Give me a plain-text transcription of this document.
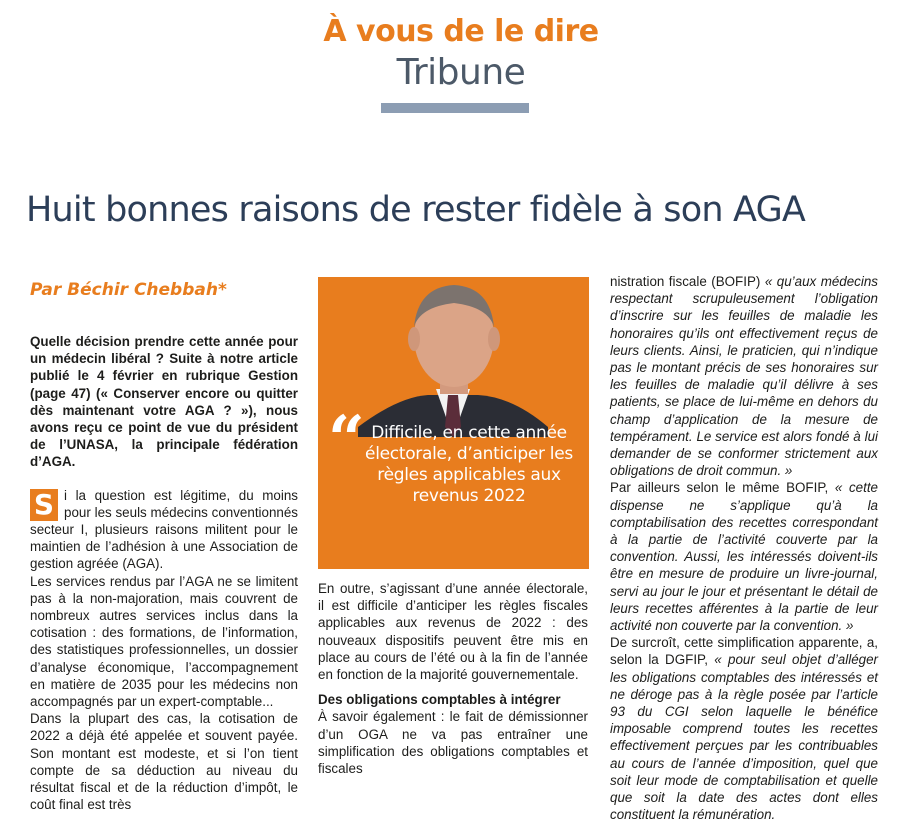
À vous de le dire
Tribune
Huit bonnes raisons de rester fidèle à son AGA
Par Béchir Chebbah*

Quelle décision prendre cette année pour un médecin libéral ? Suite à notre article publié le 4 février en rubrique Gestion (page 47) (« Conserver encore ou quitter dès maintenant votre AGA ? »), nous avons reçu ce point de vue du président de l’UNASA, la principale fédération d’AGA.

S i la question est légitime, du moins pour les seuls médecins conventionnés secteur I, plusieurs raisons militent pour le maintien de l’adhésion à une Association de gestion agréée (AGA).

Les services rendus par l’AGA ne se limitent pas à la non-majoration, mais couvrent de nombreux autres services inclus dans la cotisation : des formations, de l’information, des statistiques professionnelles, un dossier d’analyse économique, l’accompagnement en matière de 2035 pour les médecins non accompagnés par un expert-comptable...

Dans la plupart des cas, la cotisation de 2022 a déjà été appelée et souvent payée. Son montant est modeste, et si l’on tient compte de sa déduction au niveau du résultat fiscal et de la réduction d’impôt, le coût final est très

“ Difficile, en cette année électorale, d’anticiper les règles applicables aux revenus 2022

En outre, s’agissant d’une année électorale, il est difficile d’anticiper les règles fiscales applicables aux revenus de 2022 : des nouveaux dispositifs peuvent être mis en place au cours de l’été ou à la fin de l’année en fonction de la majorité gouvernementale.

Des obligations comptables à intégrer

À savoir également : le fait de démissionner d’un OGA ne va pas entraîner une simplification des obligations comptables et fiscales

nistration fiscale (BOFIP) « qu’aux médecins respectant scrupuleusement l’obligation d’inscrire sur les feuilles de maladie les honoraires qu’ils ont effectivement reçus de leurs clients. Ainsi, le praticien, qui n’indique pas le montant précis de ses honoraires sur les feuilles de maladie qu’il délivre à ses patients, se place de lui-même en dehors du champ d’application de la mesure de tempérament. Le service est alors fondé à lui demander de se conformer strictement aux obligations de droit commun. »

Par ailleurs selon le même BOFIP, « cette dispense ne s’applique qu’à la comptabilisation des recettes correspondant à la partie de l’activité couverte par la convention. Aussi, les intéressés doivent-ils être en mesure de produire un livre-journal, servi au jour le jour et présentant le détail de leurs recettes afférentes à la partie de leur activité non couverte par la convention. »

De surcroît, cette simplification apparente, a, selon la DGFIP, « pour seul objet d’alléger les obligations comptables des intéressés et ne déroge pas à la règle posée par l’article 93 du CGI selon laquelle le bénéfice imposable comprend toutes les recettes effectivement perçues par les contribuables au cours de l’année d’imposition, quel que soit leur mode de comptabilisation et quelle que soit la date des actes dont elles constituent la rémunération.
